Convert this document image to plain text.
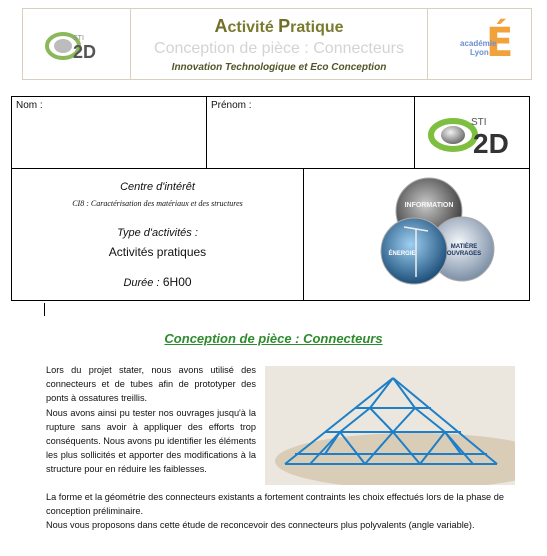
STI
2D
Activité Pratique
Conception de pièce : Connecteurs
Innovation Technologique et Eco Conception
É
académie
Lyon
Nom :	Prénom :
STI
2D
Centre d'intérêt
CI8 : Caractérisation des matériaux et des structures
Type d'activités :
Activités pratiques
Durée : 6H00
INFORMATION
MATIÈRE OUVRAGES
ÉNERGIE
Conception de pièce : Connecteurs

Lors du projet stater, nous avons utilisé des connecteurs et de tubes afin de prototyper des ponts à ossatures treillis.

Nous avons ainsi pu tester nos ouvrages jusqu'à la rupture sans avoir à appliquer des efforts trop conséquents. Nous avons pu identifier les éléments les plus sollicités et apporter des modifications à la structure pour en réduire les faiblesses.

La forme et la géométrie des connecteurs existants a fortement contraints les choix effectués lors de la phase de conception préliminaire.

Nous vous proposons dans cette étude de reconcevoir des connecteurs plus polyvalents (angle variable).
